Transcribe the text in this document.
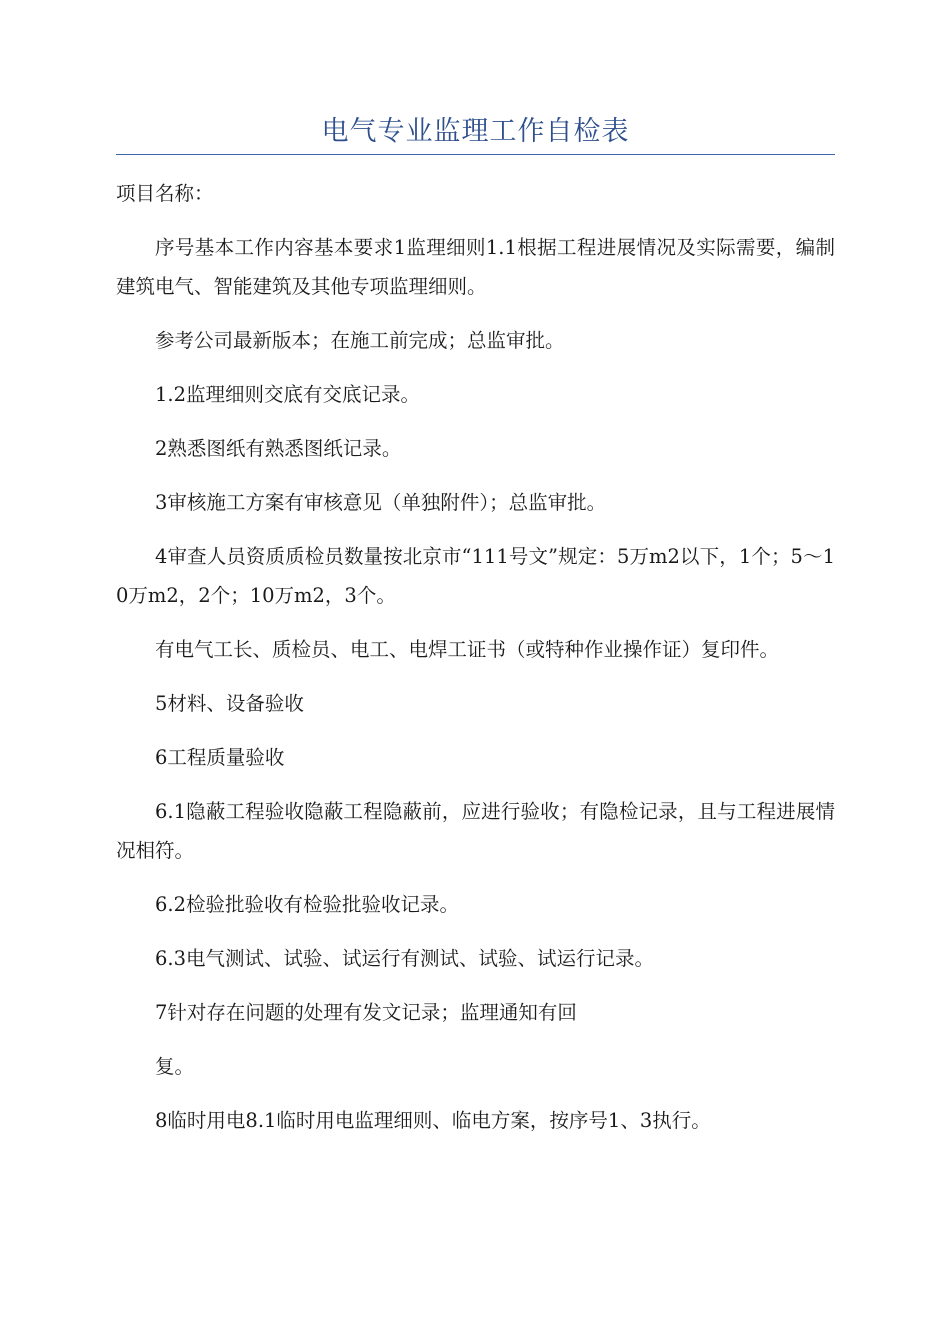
电气专业监理工作自检表

项目名称：

序号基本工作内容基本要求1监理细则1.1根据工程进展情况及实际需要，编制建筑电气、智能建筑及其他专项监理细则。

参考公司最新版本；在施工前完成；总监审批。

1.2监理细则交底有交底记录。

2熟悉图纸有熟悉图纸记录。

3审核施工方案有审核意见（单独附件）；总监审批。

4审查人员资质质检员数量按北京市“111号文”规定：5万m2以下，1个；5～10万m2，2个；10万m2，3个。

有电气工长、质检员、电工、电焊工证书（或特种作业操作证）复印件。

5材料、设备验收

6工程质量验收

6.1隐蔽工程验收隐蔽工程隐蔽前，应进行验收；有隐检记录，且与工程进展情况相符。

6.2检验批验收有检验批验收记录。

6.3电气测试、试验、试运行有测试、试验、试运行记录。

7针对存在问题的处理有发文记录；监理通知有回

复。

8临时用电8.1临时用电监理细则、临电方案，按序号1、3执行。
